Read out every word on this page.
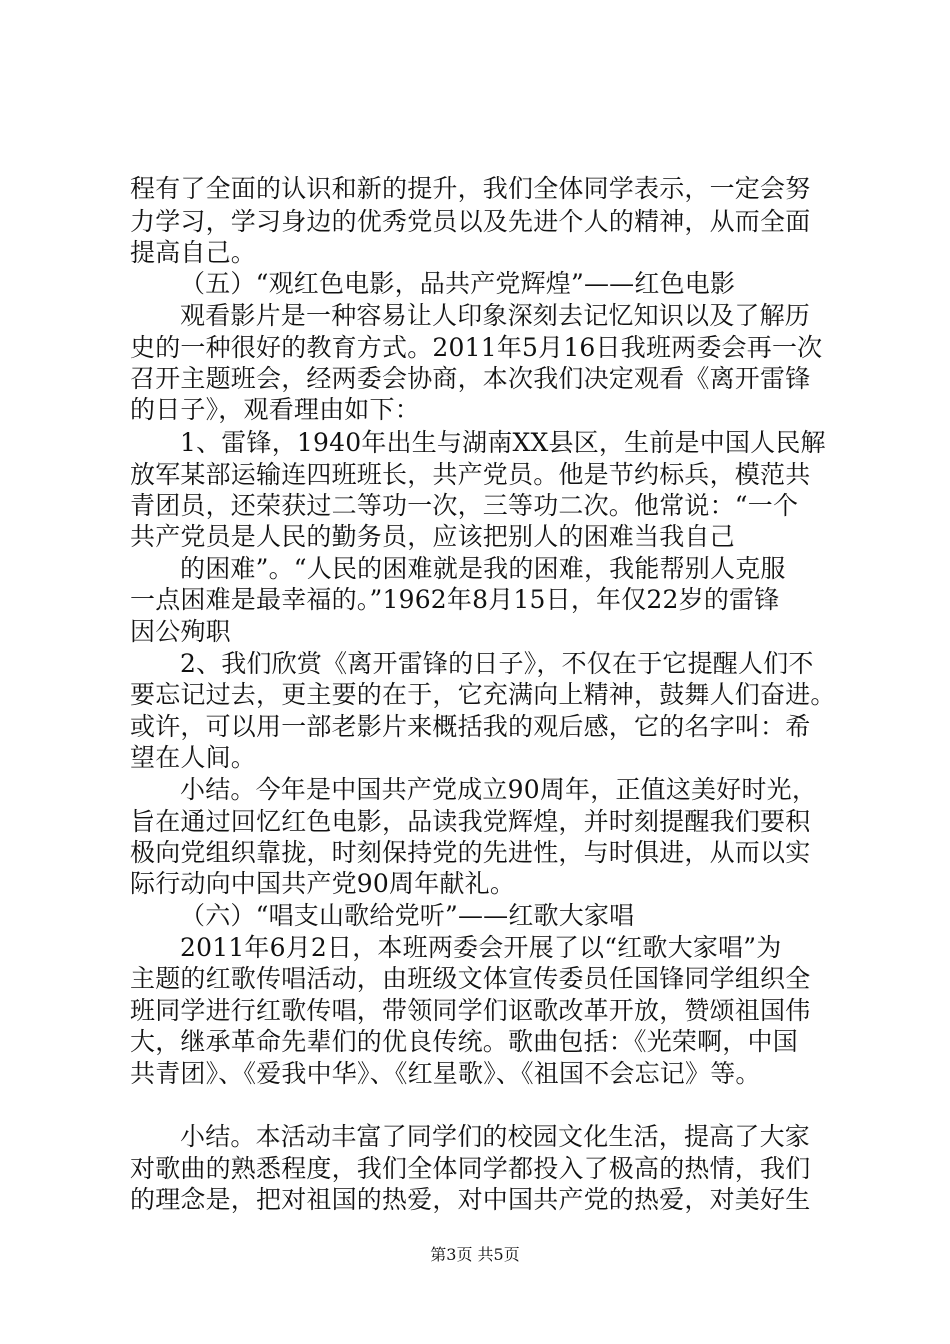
程有了全面的认识和新的提升，我们全体同学表示，一定会努
力学习，学习身边的优秀党员以及先进个人的精神，从而全面
提高自己。
（五）“观红色电影，品共产党辉煌”——红色电影
观看影片是一种容易让人印象深刻去记忆知识以及了解历
史的一种很好的教育方式。2011年5月16日我班两委会再一次
召开主题班会，经两委会协商，本次我们决定观看《离开雷锋
的日子》，观看理由如下：
1、雷锋，1940年出生与湖南XX县区，生前是中国人民解
放军某部运输连四班班长，共产党员。他是节约标兵，模范共
青团员，还荣获过二等功一次，三等功二次。他常说：“一个
共产党员是人民的勤务员，应该把别人的困难当我自己
的困难”。“人民的困难就是我的困难，我能帮别人克服
一点困难是最幸福的。”1962年8月15日，年仅22岁的雷锋
因公殉职
2、我们欣赏《离开雷锋的日子》，不仅在于它提醒人们不
要忘记过去，更主要的在于，它充满向上精神，鼓舞人们奋进。
或许，可以用一部老影片来概括我的观后感，它的名字叫：希
望在人间。
小结。今年是中国共产党成立90周年，正值这美好时光，
旨在通过回忆红色电影，品读我党辉煌，并时刻提醒我们要积
极向党组织靠拢，时刻保持党的先进性，与时俱进，从而以实
际行动向中国共产党90周年献礼。
（六）“唱支山歌给党听”——红歌大家唱
2011年6月2日，本班两委会开展了以“红歌大家唱”为
主题的红歌传唱活动，由班级文体宣传委员任国锋同学组织全
班同学进行红歌传唱，带领同学们讴歌改革开放，赞颂祖国伟
大，继承革命先辈们的优良传统。歌曲包括：《光荣啊，中国
共青团》、《爱我中华》、《红星歌》、《祖国不会忘记》等。
小结。本活动丰富了同学们的校园文化生活，提高了大家
对歌曲的熟悉程度，我们全体同学都投入了极高的热情，我们
的理念是，把对祖国的热爱，对中国共产党的热爱，对美好生
第3页 共5页
